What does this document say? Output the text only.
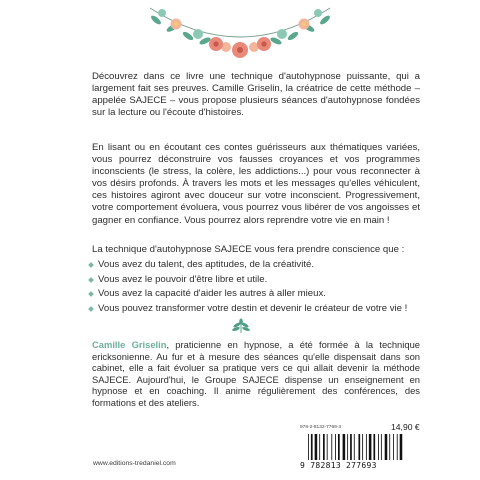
Découvrez dans ce livre une technique d'autohypnose puissante, qui a largement fait ses preuves. Camille Griselin, la créatrice de cette méthode – appelée SAJECE – vous propose plusieurs séances d'autohypnose fondées sur la lecture ou l'écoute d'histoires.

En lisant ou en écoutant ces contes guérisseurs aux thématiques variées, vous pourrez déconstruire vos fausses croyances et vos programmes inconscients (le stress, la colère, les addictions...) pour vous reconnecter à vos désirs profonds. À travers les mots et les messages qu'elles véhiculent, ces histoires agiront avec douceur sur votre inconscient. Progressivement, votre comportement évoluera, vous pourrez vous libérer de vos angoisses et gagner en confiance. Vous pourrez alors reprendre votre vie en main !

La technique d'autohypnose SAJECE vous fera prendre conscience que :

Vous avez du talent, des aptitudes, de la créativité.
Vous avez le pouvoir d'être libre et utile.
Vous avez la capacité d'aider les autres à aller mieux.
Vous pouvez transformer votre destin et devenir le créateur de votre vie !

Camille Griselin, praticienne en hypnose, a été formée à la technique ericksonienne. Au fur et à mesure des séances qu'elle dispensait dans son cabinet, elle a fait évoluer sa pratique vers ce qui allait devenir la méthode SAJECE. Aujourd'hui, le Groupe SAJECE dispense un enseignement en hypnose et en coaching. Il anime régulièrement des conférences, des formations et des ateliers.

www.editions-tredaniel.com
978-2-8132-7769-3	14,90 €
9 782813 277693
